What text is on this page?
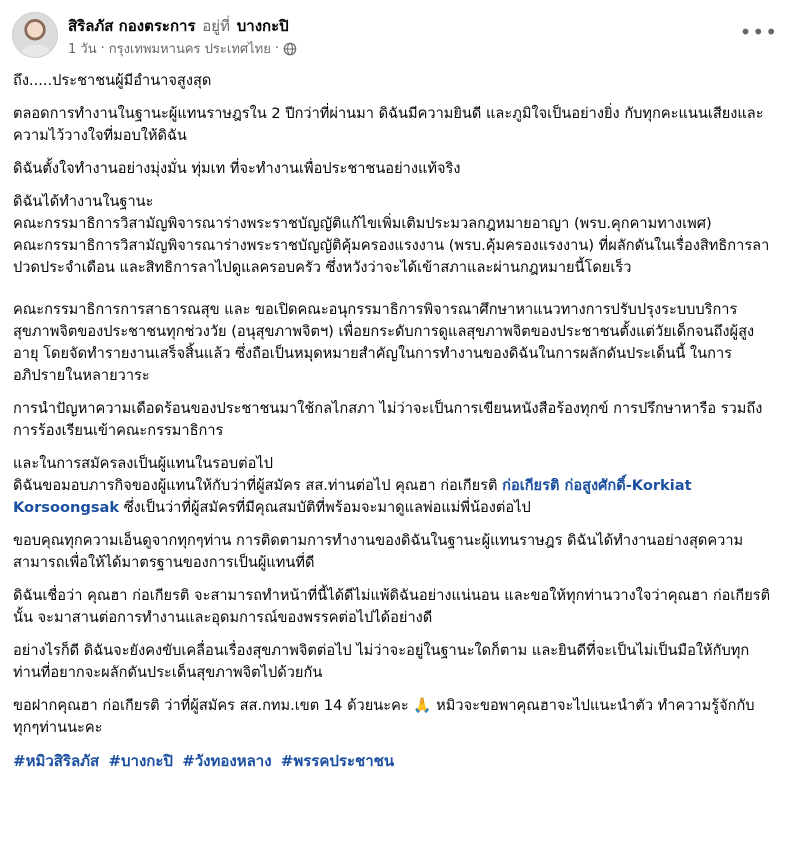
สิริลภัส กองตระการ อยู่ที่ บางกะปิ
1 วัน · กรุงเทพมหานคร ประเทศไทย ·
•••

ถึง.....ประชาชนผู้มีอำนาจสูงสุด

ตลอดการทำงานในฐานะผู้แทนราษฎรใน 2 ปีกว่าที่ผ่านมา ดิฉันมีความยินดี และภูมิใจเป็นอย่างยิ่ง กับทุกคะแนนเสียงและความไว้วางใจที่มอบให้ดิฉัน

ดิฉันตั้งใจทำงานอย่างมุ่งมั่น ทุ่มเท ที่จะทำงานเพื่อประชาชนอย่างแท้จริง

ดิฉันได้ทำงานในฐานะ
คณะกรรมาธิการวิสามัญพิจารณาร่างพระราชบัญญัติแก้ไขเพิ่มเติมประมวลกฎหมายอาญา (พรบ.คุกคามทางเพศ)
คณะกรรมาธิการวิสามัญพิจารณาร่างพระราชบัญญัติคุ้มครองแรงงาน (พรบ.คุ้มครองแรงงาน) ที่ผลักดันในเรื่องสิทธิการลาปวดประจำเดือน และสิทธิการลาไปดูแลครอบครัว ซึ่งหวังว่าจะได้เข้าสภาและผ่านกฎหมายนี้โดยเร็ว

คณะกรรมาธิการการสาธารณสุข และ ขอเปิดคณะอนุกรรมาธิการพิจารณาศึกษาหาแนวทางการปรับปรุงระบบบริการสุขภาพจิตของประชาชนทุกช่วงวัย (อนุสุขภาพจิตฯ) เพื่อยกระดับการดูแลสุขภาพจิตของประชาชนตั้งแต่วัยเด็กจนถึงผู้สูงอายุ โดยจัดทำรายงานเสร็จสิ้นแล้ว ซึ่งถือเป็นหมุดหมายสำคัญในการทำงานของดิฉันในการผลักดันประเด็นนี้ ในการอภิปรายในหลายวาระ

การนำปัญหาความเดือดร้อนของประชาชนมาใช้กลไกสภา ไม่ว่าจะเป็นการเขียนหนังสือร้องทุกข์ การปรึกษาหารือ รวมถึงการร้องเรียนเข้าคณะกรรมาธิการ

และในการสมัครลงเป็นผู้แทนในรอบต่อไป
ดิฉันขอมอบภารกิจของผู้แทนให้กับว่าที่ผู้สมัคร สส.ท่านต่อไป คุณฮา ก่อเกียรติ ก่อเกียรติ ก่อสูงศักดิ์-Korkiat Korsoongsak ซึ่งเป็นว่าที่ผู้สมัครที่มีคุณสมบัติที่พร้อมจะมาดูแลพ่อแม่พี่น้องต่อไป

ขอบคุณทุกความเอ็นดูจากทุกๆท่าน การติดตามการทำงานของดิฉันในฐานะผู้แทนราษฎร ดิฉันได้ทำงานอย่างสุดความสามารถเพื่อให้ได้มาตรฐานของการเป็นผู้แทนที่ดี

ดิฉันเชื่อว่า คุณฮา ก่อเกียรติ จะสามารถทำหน้าที่นี้ได้ดีไม่แพ้ดิฉันอย่างแน่นอน และขอให้ทุกท่านวางใจว่าคุณฮา ก่อเกียรตินั้น จะมาสานต่อการทำงานและอุดมการณ์ของพรรคต่อไปได้อย่างดี

อย่างไรก็ดี ดิฉันจะยังคงขับเคลื่อนเรื่องสุขภาพจิตต่อไป ไม่ว่าจะอยู่ในฐานะใดก็ตาม และยินดีที่จะเป็นไม่เป็นมือให้กับทุกท่านที่อยากจะผลักดันประเด็นสุขภาพจิตไปด้วยกัน

ขอฝากคุณฮา ก่อเกียรติ ว่าที่ผู้สมัคร สส.กทม.เขต 14 ด้วยนะคะ 🙏 หมิวจะขอพาคุณฮาจะไปแนะนำตัว ทำความรู้จักกับทุกๆท่านนะคะ

#หมิวสิริลภัส #บางกะปิ #วังทองหลาง #พรรคประชาชน
